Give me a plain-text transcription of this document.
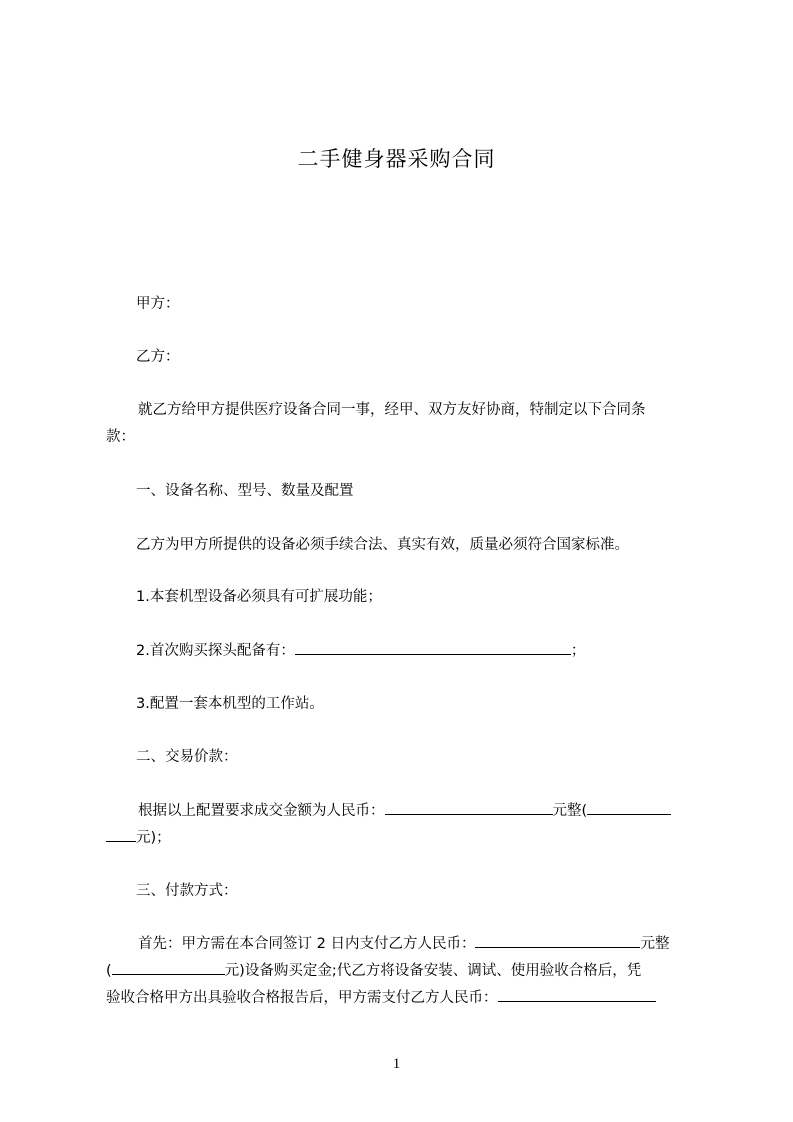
二手健身器采购合同
甲方：
乙方：
就乙方给甲方提供医疗设备合同一事，经甲、双方友好协商，特制定以下合同条
款：
一、设备名称、型号、数量及配置
乙方为甲方所提供的设备必须手续合法、真实有效，质量必须符合国家标准。
1.本套机型设备必须具有可扩展功能；
2.首次购买探头配备有：	；
3.配置一套本机型的工作站。
二、交易价款：
根据以上配置要求成交金额为人民币：	元整(
元)；
三、付款方式：
首先：甲方需在本合同签订 2 日内支付乙方人民币：	元整
(	元)设备购买定金;代乙方将设备安装、调试、使用验收合格后，凭
验收合格甲方出具验收合格报告后，甲方需支付乙方人民币：
1
